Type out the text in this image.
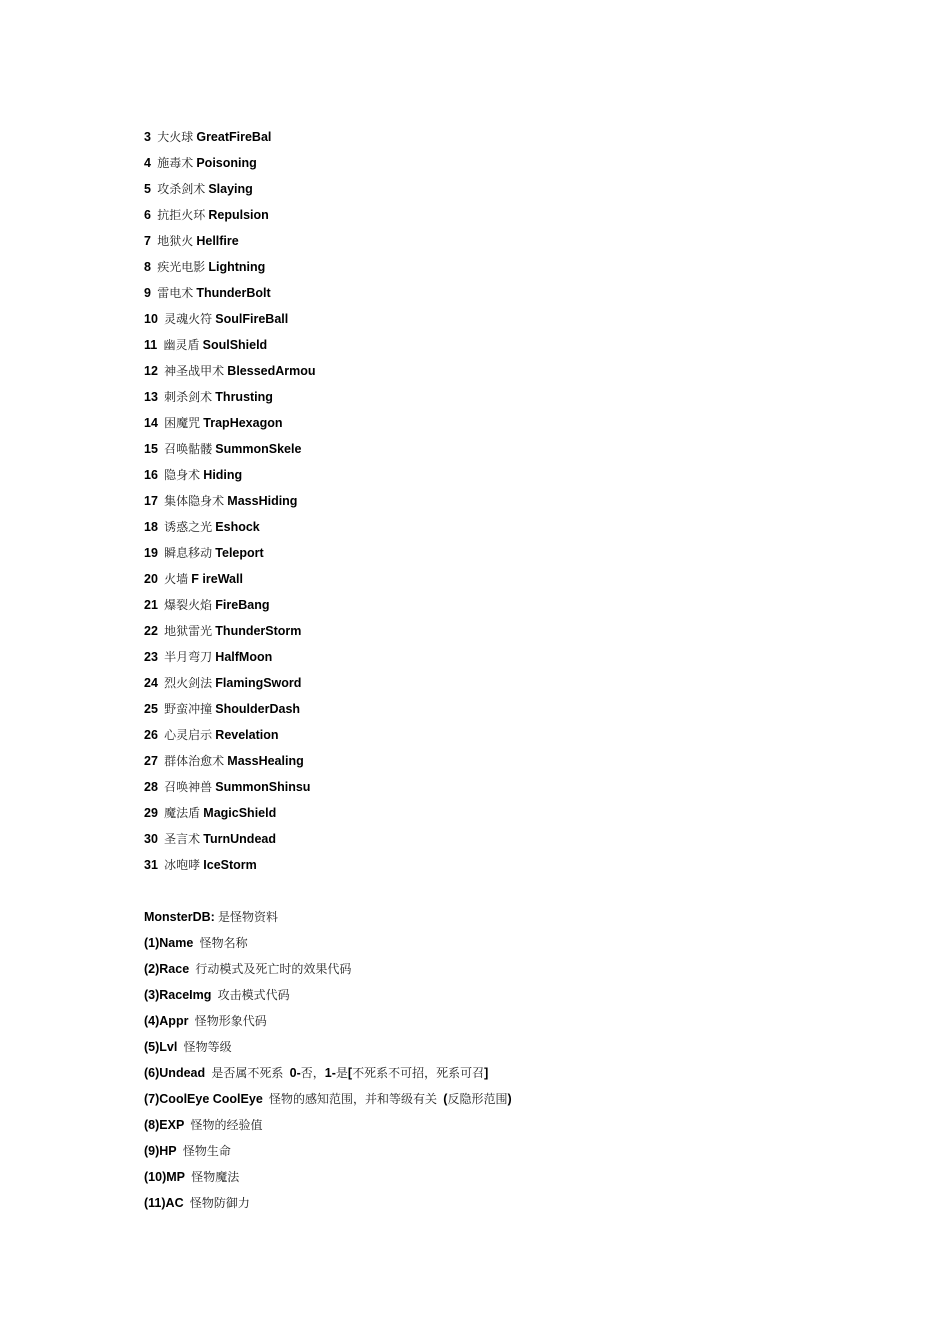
3 大火球 GreatFireBal
4 施毒术 Poisoning
5 攻杀剑术 Slaying
6 抗拒火环 Repulsion
7 地狱火 Hellfire
8 疾光电影 Lightning
9 雷电术 ThunderBolt
10 灵魂火符 SoulFireBall
11 幽灵盾 SoulShield
12 神圣战甲术 BlessedArmou
13 刺杀剑术 Thrusting
14 困魔咒 TrapHexagon
15 召唤骷髅 SummonSkele
16 隐身术 Hiding
17 集体隐身术 MassHiding
18 诱惑之光 Eshock
19 瞬息移动 Teleport
20 火墙 F ireWall
21 爆裂火焰 FireBang
22 地狱雷光 ThunderStorm
23 半月弯刀 HalfMoon
24 烈火剑法 FlamingSword
25 野蛮冲撞 ShoulderDash
26 心灵启示 Revelation
27 群体治愈术 MassHealing
28 召唤神兽 SummonShinsu
29 魔法盾 MagicShield
30 圣言术 TurnUndead
31 冰咆哮 IceStorm
MonsterDB: 是怪物资料
(1)Name 怪物名称
(2)Race 行动模式及死亡时的效果代码
(3)RaceImg 攻击模式代码
(4)Appr 怪物形象代码
(5)Lvl 怪物等级
(6)Undead 是否属不死系 0-否，1-是[不死系不可招，死系可召]
(7)CoolEye CoolEye 怪物的感知范围，并和等级有关 (反隐形范围)
(8)EXP 怪物的经验值
(9)HP 怪物生命
(10)MP 怪物魔法
(11)AC 怪物防御力
